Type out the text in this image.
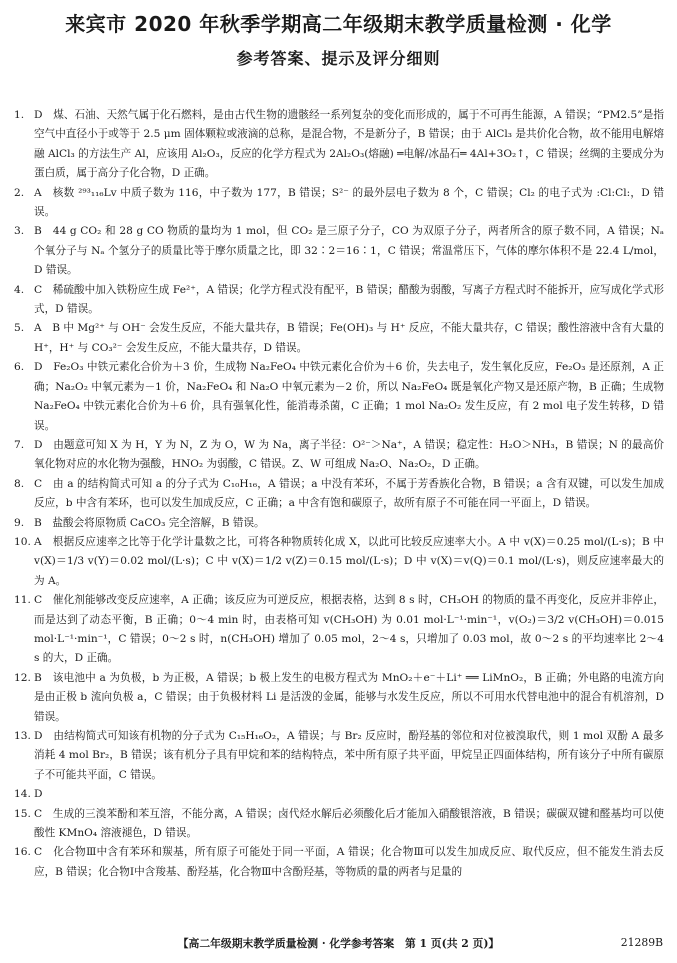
来宾市 2020 年秋季学期高二年级期末教学质量检测 · 化学
参考答案、提示及评分细则
1. D　煤、石油、天然气属于化石燃料，是由古代生物的遗骸经一系列复杂的变化而形成的，属于不可再生能源，A 错误；“PM2.5”是指空气中直径小于或等于 2.5 μm 固体颗粒或液滴的总称，是混合物，不是新分子，B 错误；由于 AlCl₃ 是共价化合物，故不能用电解熔融 AlCl₃ 的方法生产 Al，应该用 Al₂O₃，反应的化学方程式为 2Al₂O₃(熔融) ═电解/冰晶石═ 4Al+3O₂↑，C 错误；丝绸的主要成分为蛋白质，属于高分子化合物，D 正确。
2. A　核数 ²⁹³₁₁₆Lv 中质子数为 116，中子数为 177，B 错误；S²⁻ 的最外层电子数为 8 个，C 错误；Cl₂ 的电子式为 :Cl:Cl:，D 错误。
3. B　44 g CO₂ 和 28 g CO 物质的量均为 1 mol，但 CO₂ 是三原子分子，CO 为双原子分子，两者所含的原子数不同，A 错误；Nₐ 个氧分子与 Nₐ 个氢分子的质量比等于摩尔质量之比，即 32∶2＝16∶1，C 错误；常温常压下，气体的摩尔体积不是 22.4 L/mol，D 错误。
4. C　稀硫酸中加入铁粉应生成 Fe²⁺，A 错误；化学方程式没有配平，B 错误；醋酸为弱酸，写离子方程式时不能拆开，应写成化学式形式，D 错误。
5. A　B 中 Mg²⁺ 与 OH⁻ 会发生反应，不能大量共存，B 错误；Fe(OH)₃ 与 H⁺ 反应，不能大量共存，C 错误；酸性溶液中含有大量的 H⁺，H⁺ 与 CO₃²⁻ 会发生反应，不能大量共存，D 错误。
6. D　Fe₂O₃ 中铁元素化合价为＋3 价，生成物 Na₂FeO₄ 中铁元素化合价为＋6 价，失去电子，发生氧化反应，Fe₂O₃ 是还原剂，A 正确；Na₂O₂ 中氧元素为－1 价，Na₂FeO₄ 和 Na₂O 中氧元素为－2 价，所以 Na₂FeO₄ 既是氧化产物又是还原产物，B 正确；生成物 Na₂FeO₄ 中铁元素化合价为＋6 价，具有强氧化性，能消毒杀菌，C 正确；1 mol Na₂O₂ 发生反应，有 2 mol 电子发生转移，D 错误。
7. D　由题意可知 X 为 H，Y 为 N，Z 为 O，W 为 Na，离子半径：O²⁻＞Na⁺，A 错误；稳定性：H₂O＞NH₃，B 错误；N 的最高价氧化物对应的水化物为强酸，HNO₂ 为弱酸，C 错误。Z、W 可组成 Na₂O、Na₂O₂，D 正确。
8. C　由 a 的结构简式可知 a 的分子式为 C₁₀H₁₆，A 错误；a 中没有苯环，不属于芳香族化合物，B 错误；a 含有双键，可以发生加成反应，b 中含有苯环，也可以发生加成反应，C 正确；a 中含有饱和碳原子，故所有原子不可能在同一平面上，D 错误。
9. B　盐酸会将原物质 CaCO₃ 完全溶解，B 错误。
10. A　根据反应速率之比等于化学计量数之比，可将各种物质转化成 X，以此可比较反应速率大小。A 中 v(X)＝0.25 mol/(L·s)；B 中 v(X)＝1/3 v(Y)＝0.02 mol/(L·s)；C 中 v(X)＝1/2 v(Z)＝0.15 mol/(L·s)；D 中 v(X)＝v(Q)＝0.1 mol/(L·s)，则反应速率最大的为 A。
11. C　催化剂能够改变反应速率，A 正确；该反应为可逆反应，根据表格，达到 8 s 时，CH₃OH 的物质的量不再变化，反应并非停止，而是达到了动态平衡，B 正确；0～4 min 时，由表格可知 v(CH₃OH) 为 0.01 mol·L⁻¹·min⁻¹，v(O₂)＝3/2 v(CH₃OH)＝0.015 mol·L⁻¹·min⁻¹，C 错误；0～2 s 时，n(CH₃OH) 增加了 0.05 mol，2～4 s，只增加了 0.03 mol，故 0～2 s 的平均速率比 2～4 s 的大，D 正确。
12. B　该电池中 a 为负极，b 为正极，A 错误；b 极上发生的电极方程式为 MnO₂＋e⁻＋Li⁺ ══ LiMnO₂，B 正确；外电路的电流方向是由正极 b 流向负极 a，C 错误；由于负极材料 Li 是活泼的金属，能够与水发生反应，所以不可用水代替电池中的混合有机溶剂，D 错误。
13. D　由结构简式可知该有机物的分子式为 C₁₅H₁₆O₂，A 错误；与 Br₂ 反应时，酚羟基的邻位和对位被溴取代，则 1 mol 双酚 A 最多消耗 4 mol Br₂，B 错误；该有机分子具有甲烷和苯的结构特点，苯中所有原子共平面，甲烷呈正四面体结构，所有该分子中所有碳原子不可能共平面，C 错误。
14. D
15. C　生成的三溴苯酚和苯互溶，不能分离，A 错误；卤代烃水解后必须酸化后才能加入硝酸银溶液，B 错误；碳碳双键和醛基均可以使酸性 KMnO₄ 溶液褪色，D 错误。
16. C　化合物Ⅲ中含有苯环和羰基，所有原子可能处于同一平面，A 错误；化合物Ⅲ可以发生加成反应、取代反应，但不能发生消去反应，B 错误；化合物Ⅰ中含羧基、酚羟基，化合物Ⅲ中含酚羟基，等物质的量的两者与足量的
【高二年级期末教学质量检测 · 化学参考答案　第 1 页(共 2 页)】	21289B
